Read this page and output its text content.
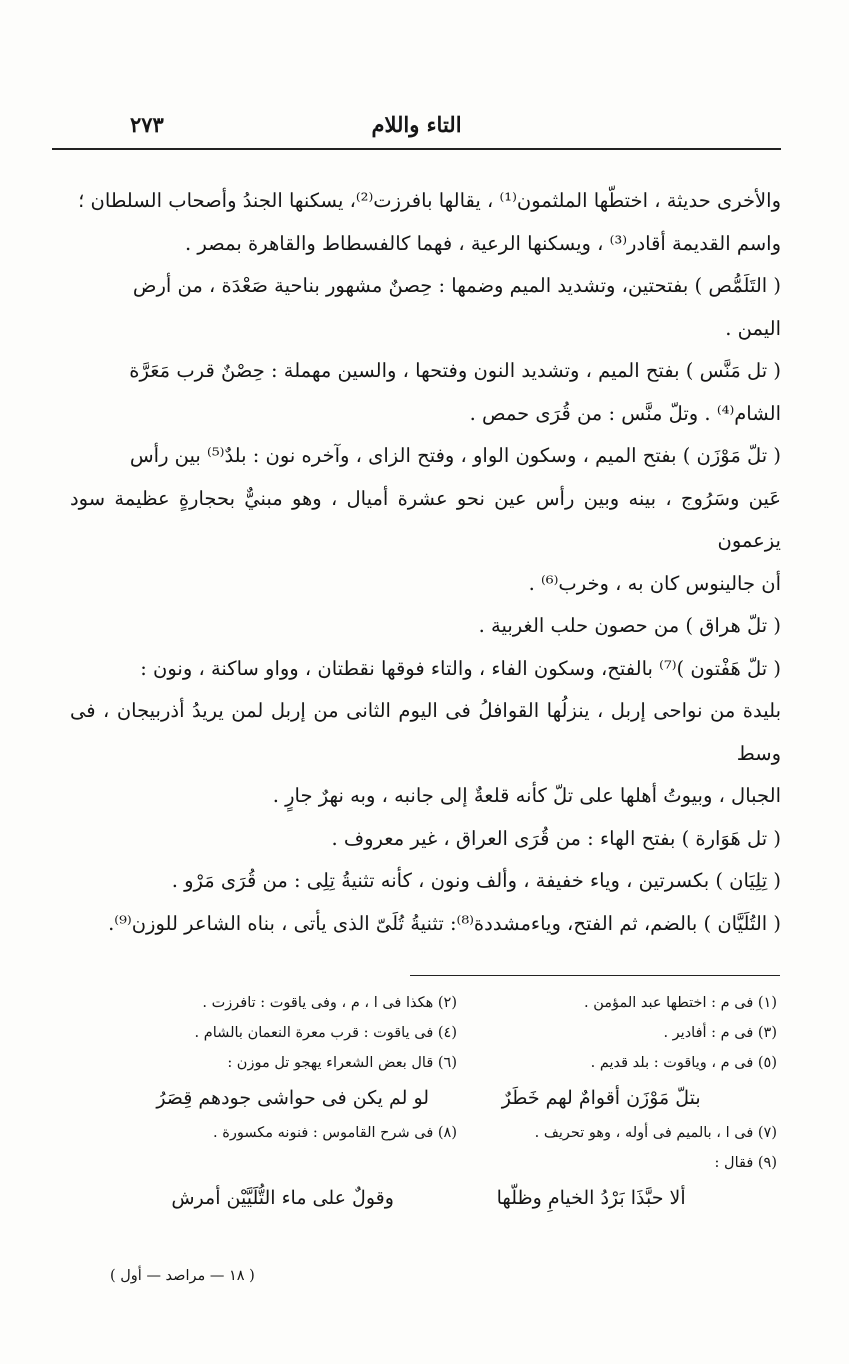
التاء واللام
٢٧٣

والأخرى حديثة ، اختطّها الملثمون⁽¹⁾ ، يقالها بافرزت⁽²⁾، يسكنها الجندُ وأصحاب السلطان ؛

واسم القديمة أقادر⁽³⁾ ، ويسكنها الرعية ، فهما كالفسطاط والقاهرة بمصر .

( التَلَمُّص ) بفتحتين، وتشديد الميم وضمها : حِصنٌ مشهور بناحية صَعْدَة ، من أرض

اليمن .

( تل مَنَّس ) بفتح الميم ، وتشديد النون وفتحها ، والسين مهملة : حِصْنٌ قرب مَعَرَّة

الشام⁽⁴⁾ . وتلّ منَّس : من قُرَى حمص .

( تلّ مَوْزَن ) بفتح الميم ، وسكون الواو ، وفتح الزاى ، وآخره نون : بلدٌ⁽⁵⁾ بين رأس

عَين وسَرُوج ، بينه وبين رأس عين نحو عشرة أميال ، وهو مبنيٌّ بحجارةٍ عظيمة سود يزعمون

أن جالينوس كان به ، وخرب⁽⁶⁾ .

( تلّ هراق ) من حصون حلب الغربية .

( تلّ هَفْتون )⁽⁷⁾ بالفتح، وسكون الفاء ، والتاء فوقها نقطتان ، وواو ساكنة ، ونون :

بليدة من نواحى إربل ، ينزلُها القوافلُ فى اليوم الثانى من إربل لمن يريدُ أذربيجان ، فى وسط

الجبال ، وبيوتُ أهلها على تلّ كأنه قلعةٌ إلى جانبه ، وبه نهرٌ جارٍ .

( تل هَوَارة ) بفتح الهاء : من قُرَى العراق ، غير معروف .

( تِلِيَان ) بكسرتين ، وياء خفيفة ، وألف ونون ، كأنه تثنيةُ تِلِى : من قُرَى مَرْو .

( التُلَيَّان ) بالضم، ثم الفتح، وياءمشددة⁽⁸⁾: تثنيةُ تُلَىّ الذى يأتى ، بناه الشاعر للوزن⁽⁹⁾.

(١) فى م : اختطها عبد المؤمن .
(٢) هكذا فى ا ، م ، وفى ياقوت : تافرزت .
(٣) فى م : أفادير .
(٤) فى ياقوت : قرب معرة النعمان بالشام .
(٥) فى م ، وياقوت : بلد قديم .
(٦) قال بعض الشعراء يهجو تل موزن :
بتلّ مَوْزَن أقوامٌ لهم خَطَرٌ
لو لم يكن فى حواشى جودهم قِصَرُ
(٧) فى ا ، بالميم فى أوله ، وهو تحريف .
(٨) فى شرح القاموس : فنونه مكسورة .
(٩) فقال :
ألا حبَّذَا بَرْدُ الخيامِ وظلّها
وقولٌ على ماء التُّلَيَّيْن أمرش
( ١٨ — مراصد — أول )
